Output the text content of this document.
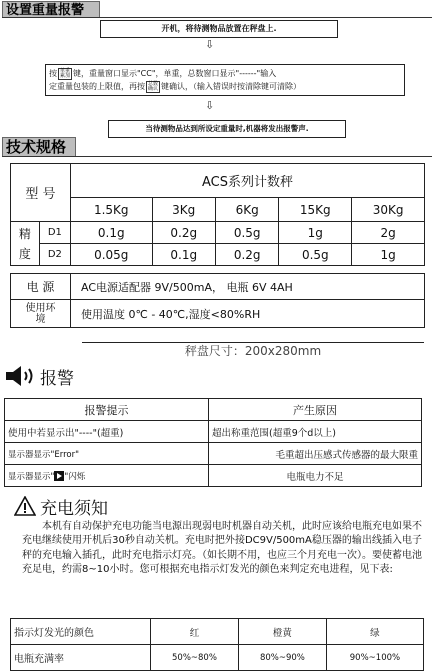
设置重量报警
开机，将待测物品放置在秤盘上.
⇩
按 单重 累加 键，重量窗口显示"CC"，单重，总数窗口显示"------"输入
定重量包装的上限值，再按 总数 确认 键确认，（输入错误时按清除键可清除）
⇩
当待测物品达到所设定重量时,机器将发出报警声.
技术规格
型 号		ACS系列计数秤				
		1.5Kg	3Kg	6Kg	15Kg	30Kg
精度	D1	0.1g	0.2g	0.5g	1g	2g
	D2	0.05g	0.1g	0.2g	0.5g	1g

电 源		AC电源适配器 9V/500mA， 电瓶 6V 4AH				
使用环境		使用温度 0℃ - 40℃,湿度<80%RH				
秤盘尺寸：200x280mm
报警
报警提示	产生原因
使用中若显示出"----"(超重)	超出称重范围(超重9个d以上)
显示器显示"Error"	毛重超出压感式传感器的最大限重
显示器显示" "闪烁	电瓶电力不足
充电须知
本机有自动保护充电功能当电源出现弱电时机器自动关机，此时应该给电瓶充电如果不充电继续使用开机后30秒自动关机。充电时把外接DC9V/500mA稳压器的输出线插入电子秤的充电输入插孔，此时充电指示灯亮。（如长期不用，也应三个月充电一次）。要使蓄电池充足电，约需8~10小时。您可根据充电指示灯发光的颜色来判定充电进程，见下表:
指示灯发光的颜色	红	橙黄	绿
电瓶充满率	50%~80%	80%~90%	90%~100%
